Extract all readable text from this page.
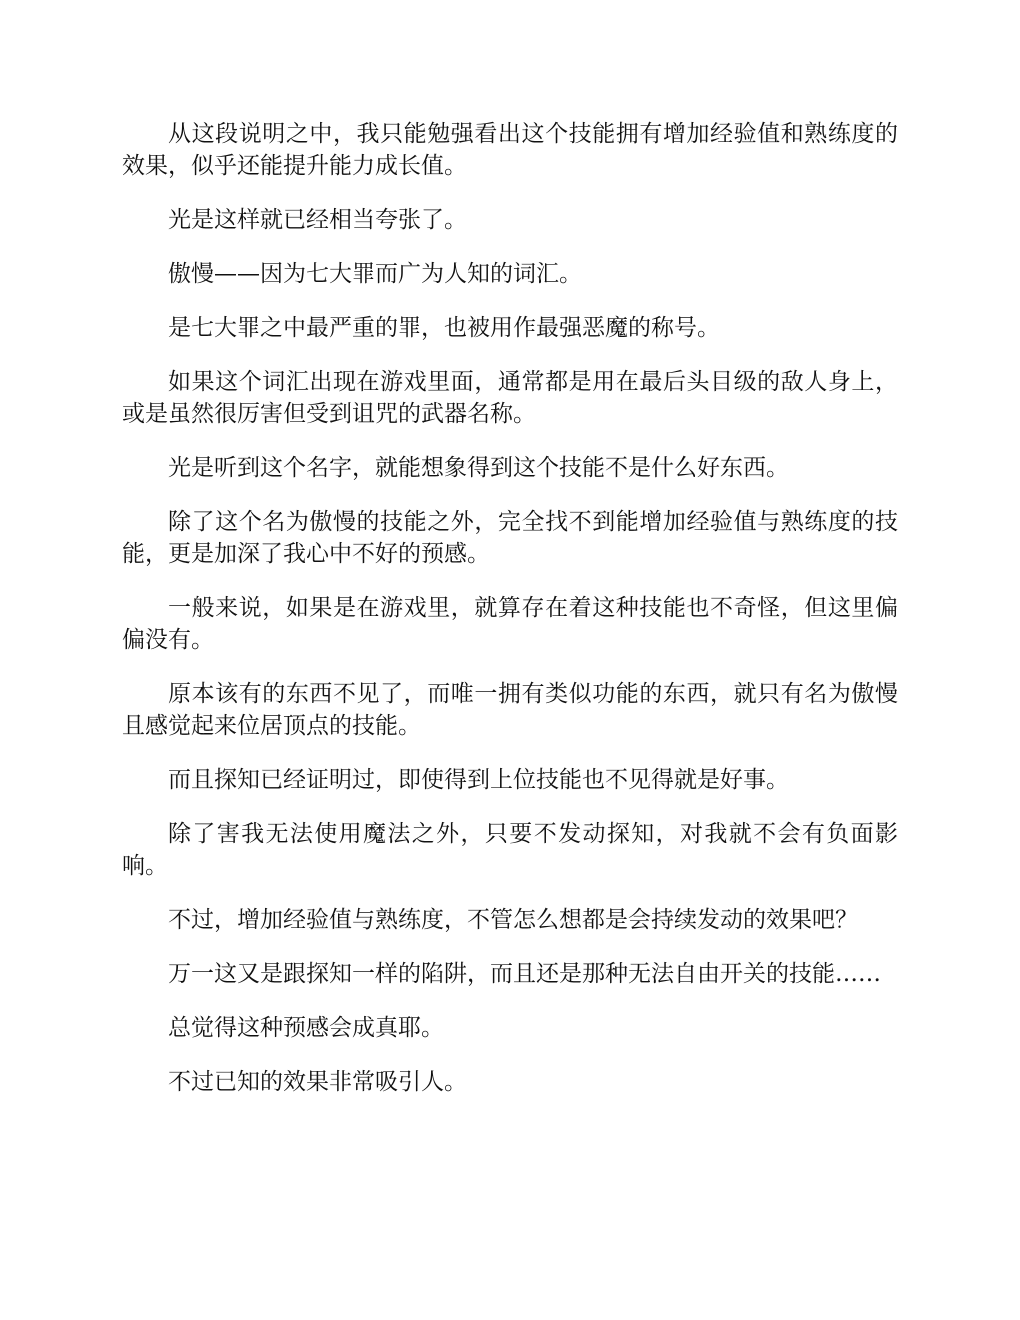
从这段说明之中，我只能勉强看出这个技能拥有增加经验值和熟练度的效果，似乎还能提升能力成长值。

光是这样就已经相当夸张了。

傲慢——因为七大罪而广为人知的词汇。

是七大罪之中最严重的罪，也被用作最强恶魔的称号。

如果这个词汇出现在游戏里面，通常都是用在最后头目级的敌人身上，或是虽然很厉害但受到诅咒的武器名称。

光是听到这个名字，就能想象得到这个技能不是什么好东西。

除了这个名为傲慢的技能之外，完全找不到能增加经验值与熟练度的技能，更是加深了我心中不好的预感。

一般来说，如果是在游戏里，就算存在着这种技能也不奇怪，但这里偏偏没有。

原本该有的东西不见了，而唯一拥有类似功能的东西，就只有名为傲慢且感觉起来位居顶点的技能。

而且探知已经证明过，即使得到上位技能也不见得就是好事。

除了害我无法使用魔法之外，只要不发动探知，对我就不会有负面影响。

不过，增加经验值与熟练度，不管怎么想都是会持续发动的效果吧？

万一这又是跟探知一样的陷阱，而且还是那种无法自由开关的技能……

总觉得这种预感会成真耶。

不过已知的效果非常吸引人。
